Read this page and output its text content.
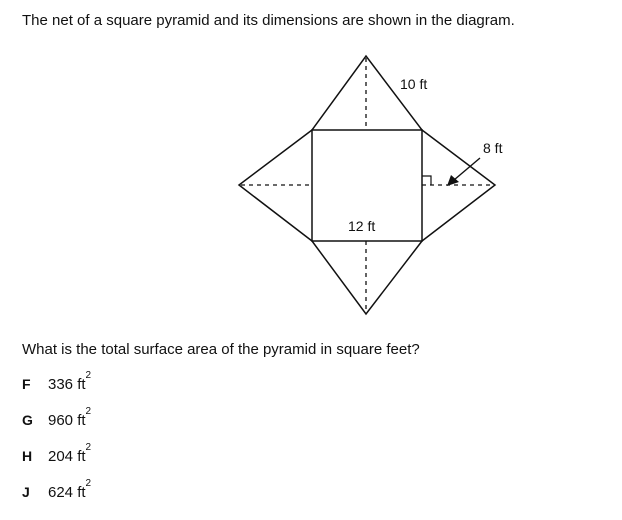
The net of a square pyramid and its dimensions are shown in the diagram.

10 ft
8 ft
12 ft

What is the total surface area of the pyramid in square feet?

F	336
ft
2
G	960
ft
2
H	204
ft
2
J	624
ft
2
